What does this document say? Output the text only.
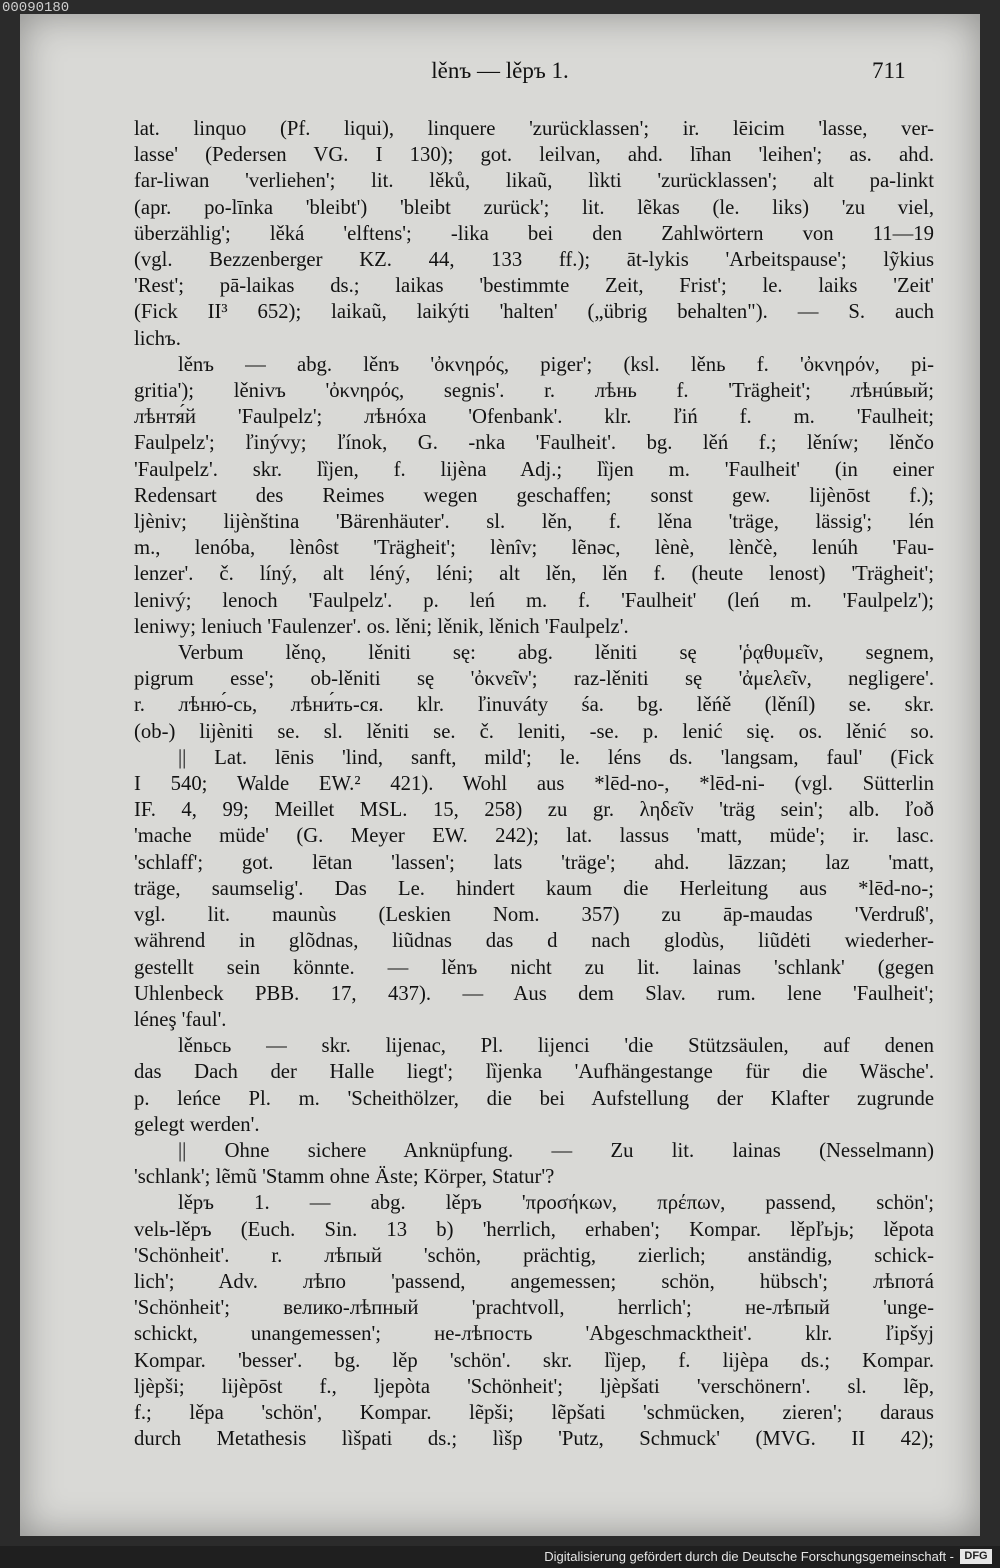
00090180
lěnъ — lěpъ 1.	711
lat. linquo (Pf. liqui), linquere 'zurücklassen'; ir. lēicim 'lasse, ver-
lasse' (Pedersen VG. I 130); got. leilvan, ahd. līhan 'leihen'; as. ahd.
far-liwan 'verliehen'; lit. lěků, likaũ, lìkti 'zurücklassen'; alt pa-linkt
(apr. po-līnka 'bleibt') 'bleibt zurück'; lit. lẽkas (le. liks) 'zu viel,
überzählig'; lěká 'elftens'; -lika bei den Zahlwörtern von 11—19
(vgl. Bezzenberger KZ. 44, 133 ff.); āt-lykis 'Arbeitspause'; lỹkius
'Rest'; pā-laikas ds.; laikas 'bestimmte Zeit, Frist'; le. laiks 'Zeit'
(Fick II³ 652); laikaũ, laikýti 'halten' („übrig behalten"). — S. auch
lichъ.
lěnъ — abg. lěnъ 'ὀκνηρός, piger'; (ksl. lěnь f. 'ὀκνηρόν, pi-
gritia'); lěnivъ 'ὀκνηρός, segnis'. r. лѣнь f. 'Trägheit'; лѣнúвый;
лѣнтя́й 'Faulpelz'; лѣнóха 'Ofenbank'. klr. ľiń f. m. 'Faulheit;
Faulpelz'; ľinývy; ľínok, G. -nka 'Faulheit'. bg. lěń f.; lěníw; lěnčo
'Faulpelz'. skr. lȉjen, f. lijèna Adj.; lȉjen m. 'Faulheit' (in einer
Redensart des Reimes wegen geschaffen; sonst gew. lijènōst f.);
ljèniv; lijènština 'Bärenhäuter'. sl. lěn, f. lěna 'träge, lässig'; lén
m., lenóba, lènôst 'Trägheit'; lènȋv; lẽnəc, lènè, lènčè, lenúh 'Fau-
lenzer'. č. líný, alt léný, léni; alt lěn, lěn f. (heute lenost) 'Trägheit';
lenivý; lenoch 'Faulpelz'. p. leń m. f. 'Faulheit' (leń m. 'Faulpelz');
leniwy; leniuch 'Faulenzer'. os. lěni; lěnik, lěnich 'Faulpelz'.
Verbum lěnǫ, lěniti sę: abg. lěniti sę 'ῥᾳθυμεῖν, segnem,
pigrum esse'; ob-lěniti sę 'ὀκνεῖν'; raz-lěniti sę 'ἀμελεῖν, negligere'.
r. лѣню́-сь, лѣни́ть-ся. klr. ľinuváty śa. bg. lěńě (lěníl) se. skr.
(ob-) lijèniti se. sl. lěniti se. č. leniti, -se. p. lenić się. os. lěnić so.
|| Lat. lēnis 'lind, sanft, mild'; le. léns ds. 'langsam, faul' (Fick
I 540; Walde EW.² 421). Wohl aus *lēd-no-, *lēd-ni- (vgl. Sütterlin
IF. 4, 99; Meillet MSL. 15, 258) zu gr. ληδεῖν 'träg sein'; alb. ľoð
'mache müde' (G. Meyer EW. 242); lat. lassus 'matt, müde'; ir. lasc.
'schlaff'; got. lētan 'lassen'; lats 'träge'; ahd. lāzzan; laz 'matt,
träge, saumselig'. Das Le. hindert kaum die Herleitung aus *lēd-no-;
vgl. lit. maunùs (Leskien Nom. 357) zu āp-maudas 'Verdruß',
während in glõdnas, liũdnas das d nach glodùs, liũdėti wiederher-
gestellt sein könnte. — lěnъ nicht zu lit. lainas 'schlank' (gegen
Uhlenbeck PBB. 17, 437). — Aus dem Slav. rum. lene 'Faulheit';
léneş 'faul'.
lěnьcь — skr. lijenac, Pl. lijenci 'die Stützsäulen, auf denen
das Dach der Halle liegt'; lȉjenka 'Aufhängestange für die Wäsche'.
p. leńce Pl. m. 'Scheithölzer, die bei Aufstellung der Klafter zugrunde
gelegt werden'.
|| Ohne sichere Anknüpfung. — Zu lit. lainas (Nesselmann)
'schlank'; lẽmũ 'Stamm ohne Äste; Körper, Statur'?
lěpъ 1. — abg. lěpъ 'προσήκων, πρέπων, passend, schön';
velь-lěpъ (Euch. Sin. 13 b) 'herrlich, erhaben'; Kompar. lěpľьjь; lěpota
'Schönheit'. r. лѣпый 'schön, prächtig, zierlich; anständig, schick-
lich'; Adv. лѣпо 'passend, angemessen; schön, hübsch'; лѣпотá
'Schönheit'; велико-лѣпный 'prachtvoll, herrlich'; не-лѣпый 'unge-
schickt, unangemessen'; не-лѣпость 'Abgeschmacktheit'. klr. ľipšyj
Kompar. 'besser'. bg. lěp 'schön'. skr. lȉjep, f. lijèpa ds.; Kompar.
ljèpši; lijèpōst f., ljepòta 'Schönheit'; ljèpšati 'verschönern'. sl. lẽp,
f.; lěpa 'schön', Kompar. lẽpši; lẽpšati 'schmücken, zieren'; daraus
durch Metathesis lìšpati ds.; lìšp 'Putz, Schmuck' (MVG. II 42);
Digitalisierung gefördert durch die Deutsche Forschungsgemeinschaft - DFG
